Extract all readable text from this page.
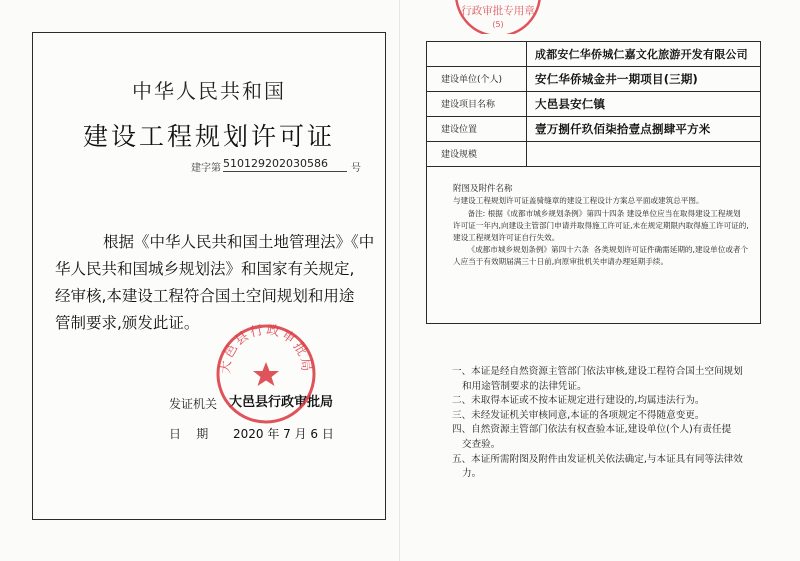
中华人民共和国
建设工程规划许可证
建字第 510129202030586	号
根据《中华人民共和国土地管理法》《中
华人民共和国城乡规划法》和国家有关规定,
经审核,本建设工程符合国土空间规划和用途
管制要求,颁发此证。
发证机关 大邑县行政审批局
日    期 2020 年 7 月 6 日
大邑县行政审批局
行政审批专用章
(5)
	成都安仁华侨城仁嘉文化旅游开发有限公司
建设单位(个人)	安仁华侨城金井一期项目(三期)
建设项目名称	大邑县安仁镇
建设位置	壹万捌仟玖佰柒拾壹点捌肆平方米
建设规模	
附图及附件名称
与建设工程规划许可证盖骑缝章的建设工程设计方案总平面或建筑总平图。
备注: 根据《成都市城乡规划条例》第四十四条 建设单位应当在取得建设工程规划
许可证一年内,向建设主管部门申请并取得施工许可证,未在规定期限内取得施工许可证的,
建设工程规划许可证自行失效。
《成都市城乡规划条例》第四十六条  各类规划许可证件确需延期的,建设单位或者个
人应当于有效期届满三十日前,向原审批机关申请办理延期手续。
一、本证是经自然资源主管部门依法审核,建设工程符合国土空间规划
和用途管制要求的法律凭证。
二、未取得本证或不按本证规定进行建设的,均属违法行为。
三、未经发证机关审核同意,本证的各项规定不得随意变更。
四、自然资源主管部门依法有权查验本证,建设单位(个人)有责任提
交查验。
五、本证所需附图及附件由发证机关依法确定,与本证具有同等法律效
力。
